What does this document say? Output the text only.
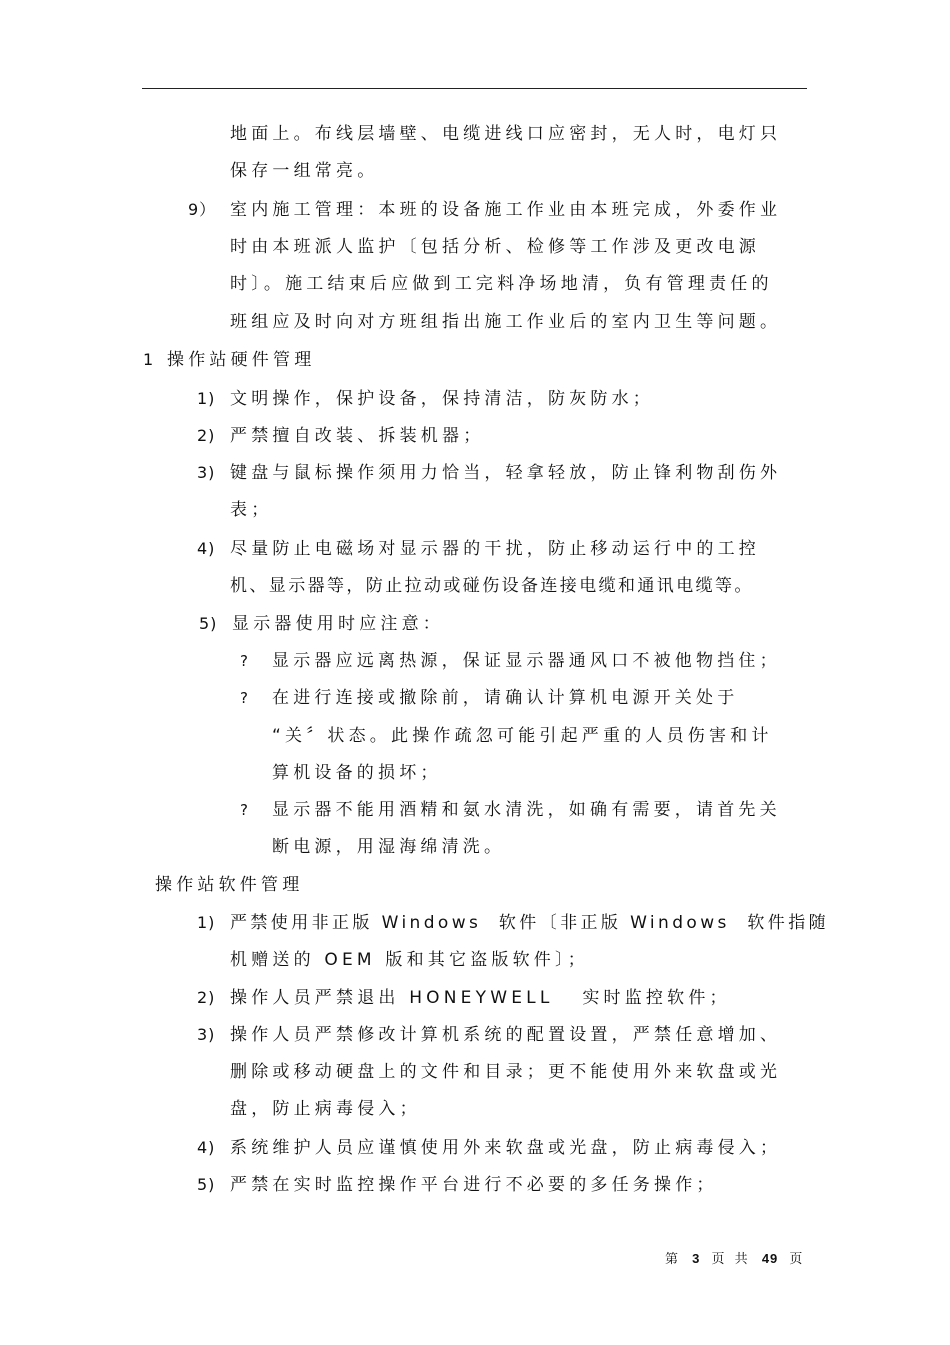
地面上。布线层墙壁、电缆进线口应密封，无人时，电灯只
保存一组常亮。
9） 室内施工管理：本班的设备施工作业由本班完成，外委作业
时由本班派人监护〔包括分析、检修等工作涉及更改电源
时〕。施工结束后应做到工完料净场地清，负有管理责任的
班组应及时向对方班组指出施工作业后的室内卫生等问题。
1 操作站硬件管理
1) 文明操作，保护设备，保持清洁，防灰防水；
2) 严禁擅自改装、拆装机器；
3) 键盘与鼠标操作须用力恰当，轻拿轻放，防止锋利物刮伤外
表；
4) 尽量防止电磁场对显示器的干扰，防止移动运行中的工控
机、显示器等，防止拉动或碰伤设备连接电缆和通讯电缆等。
5) 显示器使用时应注意：
? 显示器应远离热源，保证显示器通风口不被他物挡住；
? 在进行连接或撤除前，请确认计算机电源开关处于
“关〞状态。此操作疏忽可能引起严重的人员伤害和计
算机设备的损坏；
? 显示器不能用酒精和氨水清洗，如确有需要，请首先关
断电源，用湿海绵清洗。
操作站软件管理
1) 严禁使用非正版 Windows  软件〔非正版 Windows  软件指随
机赠送的 OEM 版和其它盗版软件〕；
2) 操作人员严禁退出 HONEYWELL   实时监控软件；
3) 操作人员严禁修改计算机系统的配置设置，严禁任意增加、
删除或移动硬盘上的文件和目录；更不能使用外来软盘或光
盘，防止病毒侵入；
4) 系统维护人员应谨慎使用外来软盘或光盘，防止病毒侵入；
5) 严禁在实时监控操作平台进行不必要的多任务操作；
第 3 页 共 49 页
